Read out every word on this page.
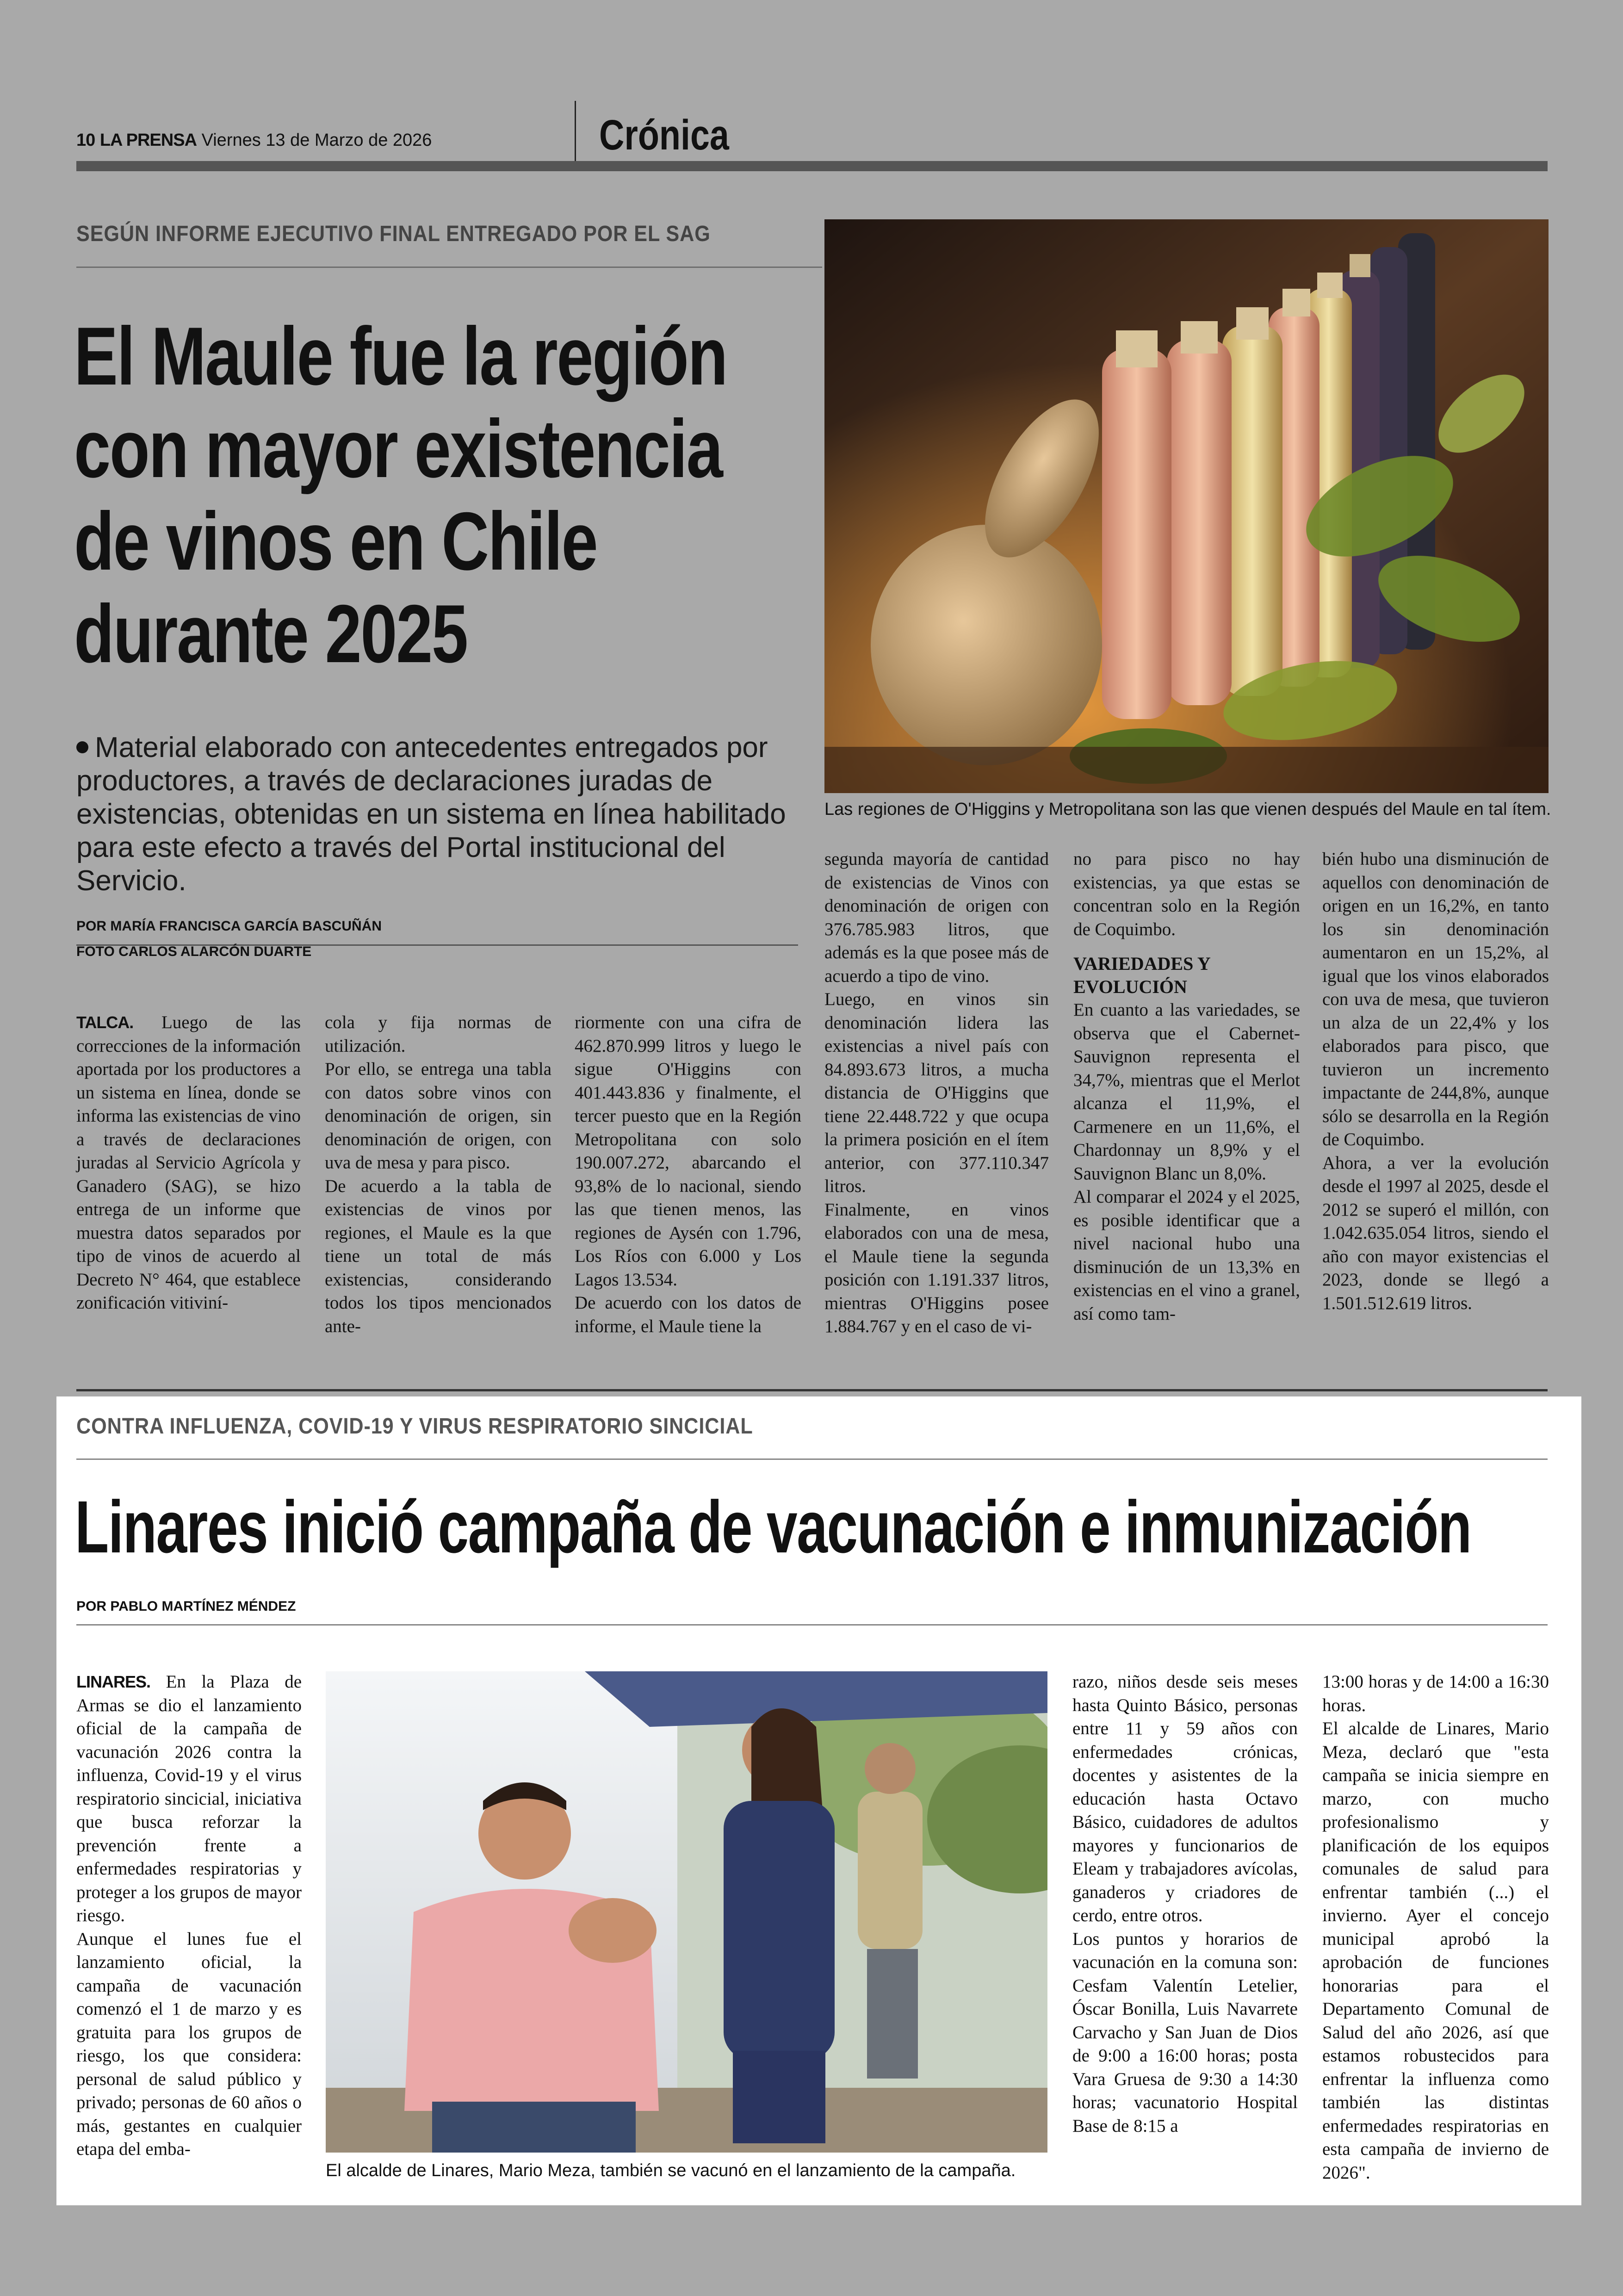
10 LA PRENSA Viernes 13 de Marzo de 2026	Crónica
SEGÚN INFORME EJECUTIVO FINAL ENTREGADO POR EL SAG
El Maule fue la región con mayor existencia de vinos en Chile durante 2025
Material elaborado con antecedentes entregados por productores, a través de declaraciones juradas de existencias, obtenidas en un sistema en línea habilitado para este efecto a través del Portal institucional del Servicio.
POR MARÍA FRANCISCA GARCÍA BASCUÑÁN
FOTO CARLOS ALARCÓN DUARTE
Las regiones de O'Higgins y Metropolitana son las que vienen después del Maule en tal ítem.

TALCA. Luego de las correcciones de la información aportada por los productores a un sistema en línea, donde se informa las existencias de vino a través de declaraciones juradas al Servicio Agrícola y Ganadero (SAG), se hizo entrega de un informe que muestra datos separados por tipo de vinos de acuerdo al Decreto N° 464, que establece zonificación vitiviní-

cola y fija normas de utilización.

Por ello, se entrega una tabla con datos sobre vinos con denominación de origen, sin denominación de origen, con uva de mesa y para pisco.

De acuerdo a la tabla de existencias de vinos por regiones, el Maule es la que tiene un total de más existencias, considerando todos los tipos mencionados ante-

riormente con una cifra de 462.870.999 litros y luego le sigue O'Higgins con 401.443.836 y finalmente, el tercer puesto que en la Región Metropolitana con solo 190.007.272, abarcando el 93,8% de lo nacional, siendo las que tienen menos, las regiones de Aysén con 1.796, Los Ríos con 6.000 y Los Lagos 13.534.

De acuerdo con los datos de informe, el Maule tiene la

segunda mayoría de cantidad de existencias de Vinos con denominación de origen con 376.785.983 litros, que además es la que posee más de acuerdo a tipo de vino.

Luego, en vinos sin denominación lidera las existencias a nivel país con 84.893.673 litros, a mucha distancia de O'Higgins que tiene 22.448.722 y que ocupa la primera posición en el ítem anterior, con 377.110.347 litros.

Finalmente, en vinos elaborados con una de mesa, el Maule tiene la segunda posición con 1.191.337 litros, mientras O'Higgins posee 1.884.767 y en el caso de vi-

no para pisco no hay existencias, ya que estas se concentran solo en la Región de Coquimbo.

VARIEDADES Y EVOLUCIÓN

En cuanto a las variedades, se observa que el Cabernet-Sauvignon representa el 34,7%, mientras que el Merlot alcanza el 11,9%, el Carmenere en un 11,6%, el Chardonnay un 8,9% y el Sauvignon Blanc un 8,0%.

Al comparar el 2024 y el 2025, es posible identificar que a nivel nacional hubo una disminución de un 13,3% en existencias en el vino a granel, así como tam-

bién hubo una disminución de aquellos con denominación de origen en un 16,2%, en tanto los sin denominación aumentaron en un 15,2%, al igual que los vinos elaborados con uva de mesa, que tuvieron un alza de un 22,4% y los elaborados para pisco, que tuvieron un incremento impactante de 244,8%, aunque sólo se desarrolla en la Región de Coquimbo.

Ahora, a ver la evolución desde el 1997 al 2025, desde el 2012 se superó el millón, con 1.042.635.054 litros, siendo el año con mayor existencias el 2023, donde se llegó a 1.501.512.619 litros.

CONTRA INFLUENZA, COVID-19 Y VIRUS RESPIRATORIO SINCICIAL
Linares inició campaña de vacunación e inmunización
POR PABLO MARTÍNEZ MÉNDEZ

LINARES. En la Plaza de Armas se dio el lanzamiento oficial de la campaña de vacunación 2026 contra la influenza, Covid-19 y el virus respiratorio sincicial, iniciativa que busca reforzar la prevención frente a enfermedades respiratorias y proteger a los grupos de mayor riesgo.

Aunque el lunes fue el lanzamiento oficial, la campaña de vacunación comenzó el 1 de marzo y es gratuita para los grupos de riesgo, los que considera: personal de salud público y privado; personas de 60 años o más, gestantes en cualquier etapa del emba-

El alcalde de Linares, Mario Meza, también se vacunó en el lanzamiento de la campaña.

razo, niños desde seis meses hasta Quinto Básico, personas entre 11 y 59 años con enfermedades crónicas, docentes y asistentes de la educación hasta Octavo Básico, cuidadores de adultos mayores y funcionarios de Eleam y trabajadores avícolas, ganaderos y criadores de cerdo, entre otros.

Los puntos y horarios de vacunación en la comuna son: Cesfam Valentín Letelier, Óscar Bonilla, Luis Navarrete Carvacho y San Juan de Dios de 9:00 a 16:00 horas; posta Vara Gruesa de 9:30 a 14:30 horas; vacunatorio Hospital Base de 8:15 a

13:00 horas y de 14:00 a 16:30 horas.

El alcalde de Linares, Mario Meza, declaró que "esta campaña se inicia siempre en marzo, con mucho profesionalismo y planificación de los equipos comunales de salud para enfrentar también (...) el invierno. Ayer el concejo municipal aprobó la aprobación de funciones honorarias para el Departamento Comunal de Salud del año 2026, así que estamos robustecidos para enfrentar la influenza como también las distintas enfermedades respiratorias en esta campaña de invierno de 2026".
